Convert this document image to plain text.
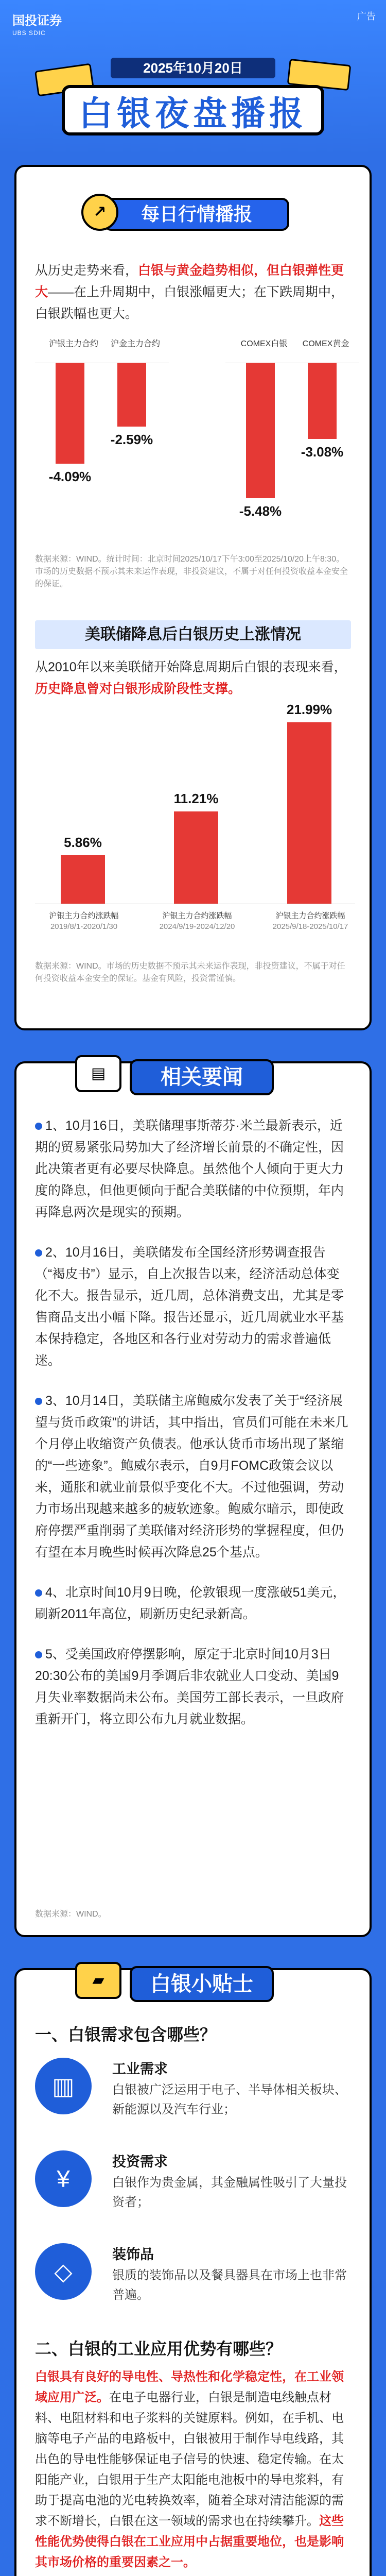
国投证券
UBS SDIC
广告
2025年10月20日
白银夜盘播报
↗	每日行情播报
从历史走势来看，白银与黄金趋势相似，但白银弹性更大——在上升周期中，白银涨幅更大；在下跌周期中，白银跌幅也更大。
沪银主力合约	沪金主力合约	COMEX白银	COMEX黄金
-4.09%
-2.59%
-5.48%
-3.08%
数据来源：WIND。统计时间：北京时间2025/10/17下午3:00至2025/10/20上午8:30。市场的历史数据不预示其未来运作表现，非投资建议，不属于对任何投资收益本金安全的保证。
美联储降息后白银历史上涨情况
从2010年以来美联储开始降息周期后白银的表现来看，历史降息曾对白银形成阶段性支撑。
5.86%
沪银主力合约涨跌幅
2019/8/1-2020/1/30
11.21%
沪银主力合约涨跌幅
2024/9/19-2024/12/20
21.99%
沪银主力合约涨跌幅
2025/9/18-2025/10/17
数据来源：WIND。市场的历史数据不预示其未来运作表现，非投资建议，不属于对任何投资收益本金安全的保证。基金有风险，投资需谨慎。
▤	相关要闻

1、10月16日，美联储理事斯蒂芬·米兰最新表示，近期的贸易紧张局势加大了经济增长前景的不确定性，因此决策者更有必要尽快降息。虽然他个人倾向于更大力度的降息，但他更倾向于配合美联储的中位预期，年内再降息两次是现实的预期。

2、10月16日，美联储发布全国经济形势调查报告（“褐皮书”）显示，自上次报告以来，经济活动总体变化不大。报告显示，近几周，总体消费支出，尤其是零售商品支出小幅下降。报告还显示，近几周就业水平基本保持稳定，各地区和各行业对劳动力的需求普遍低迷。

3、10月14日，美联储主席鲍威尔发表了关于“经济展望与货币政策”的讲话，其中指出，官员们可能在未来几个月停止收缩资产负债表。他承认货币市场出现了紧缩的“一些迹象”。鲍威尔表示，自9月FOMC政策会议以来，通胀和就业前景似乎变化不大。不过他强调，劳动力市场出现越来越多的疲软迹象。鲍威尔暗示，即使政府停摆严重削弱了美联储对经济形势的掌握程度，但仍有望在本月晚些时候再次降息25个基点。

4、北京时间10月9日晚，伦敦银现一度涨破51美元，刷新2011年高位，刷新历史纪录新高。

5、受美国政府停摆影响，原定于北京时间10月3日20:30公布的美国9月季调后非农就业人口变动、美国9月失业率数据尚未公布。美国劳工部长表示，一旦政府重新开门，将立即公布九月就业数据。

数据来源：WIND。
▰	白银小贴士
一、白银需求包含哪些？
▥
工业需求
白银被广泛运用于电子、半导体相关板块、新能源以及汽车行业；
¥
投资需求
白银作为贵金属，其金融属性吸引了大量投资者；
◇
装饰品
银质的装饰品以及餐具器具在市场上也非常普遍。
二、白银的工业应用优势有哪些？
白银具有良好的导电性、导热性和化学稳定性，在工业领域应用广泛。在电子电器行业，白银是制造电线触点材料、电阻材料和电子浆料的关键原料。例如，在手机、电脑等电子产品的电路板中，白银被用于制作导电线路，其出色的导电性能够保证电子信号的快速、稳定传输。在太阳能产业，白银用于生产太阳能电池板中的导电浆料，有助于提高电池的光电转换效率，随着全球对清洁能源的需求不断增长，白银在这一领域的需求也在持续攀升。这些性能优势使得白银在工业应用中占据重要地位，也是影响其市场价格的重要因素之一。
